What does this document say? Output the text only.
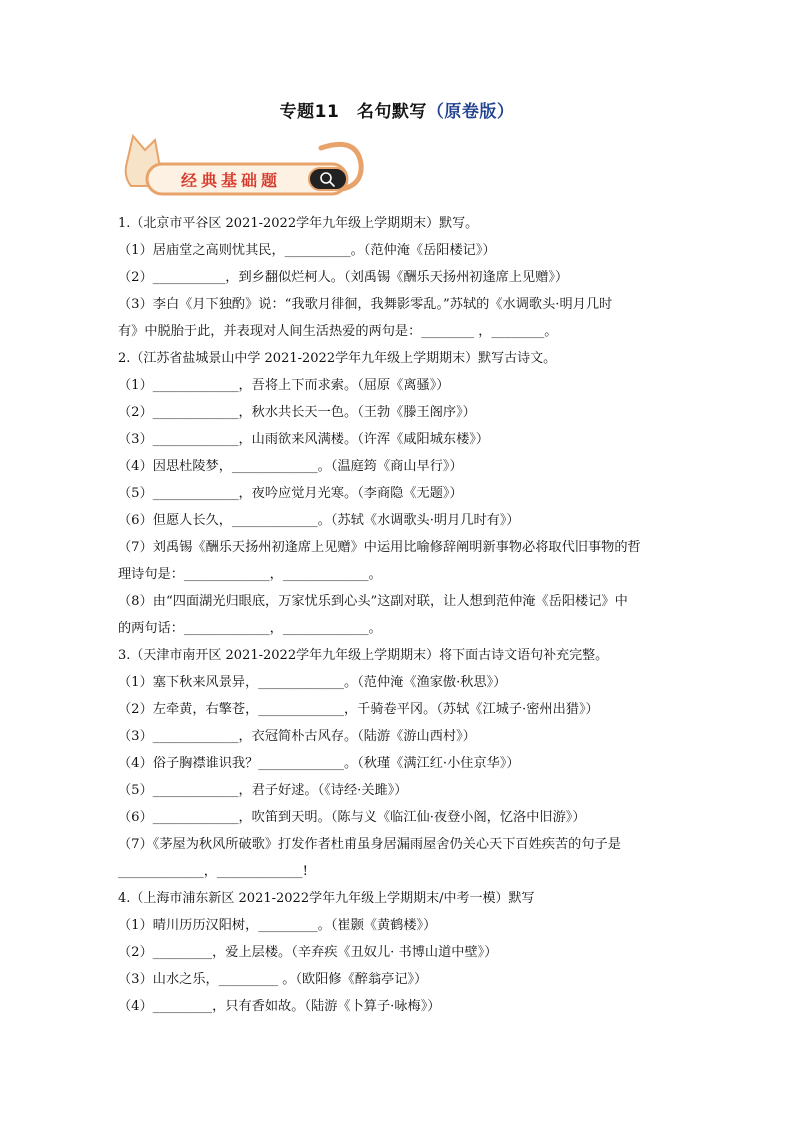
专题11　名句默写（原卷版）
经典基础题
1.（北京市平谷区 2021-2022学年九年级上学期期末）默写。
（1）居庙堂之高则忧其民，__________。（范仲淹《岳阳楼记》）
（2）___________，到乡翻似烂柯人。（刘禹锡《酬乐天扬州初逢席上见赠》）
（3）李白《月下独酌》说：“我歌月徘徊，我舞影零乱。”苏轼的《水调歌头·明月几时
有》中脱胎于此，并表现对人间生活热爱的两句是：________ ，________。
2.（江苏省盐城景山中学 2021-2022学年九年级上学期期末）默写古诗文。
（1）_____________，吾将上下而求索。（屈原《离骚》）
（2）_____________，秋水共长天一色。（王勃《滕王阁序》）
（3）_____________，山雨欲来风满楼。（许浑《咸阳城东楼》）
（4）因思杜陵梦，_____________。（温庭筠《商山早行》）
（5）_____________，夜吟应觉月光寒。（李商隐《无题》）
（6）但愿人长久，_____________。（苏轼《水调歌头·明月几时有》）
（7）刘禹锡《酬乐天扬州初逢席上见赠》中运用比喻修辞阐明新事物必将取代旧事物的哲
理诗句是：_____________，_____________。
（8）由“四面湖光归眼底，万家忧乐到心头”这副对联，让人想到范仲淹《岳阳楼记》中
的两句话：_____________，_____________。
3.（天津市南开区 2021-2022学年九年级上学期期末）将下面古诗文语句补充完整。
（1）塞下秋来风景异，_____________。（范仲淹《渔家傲·秋思》）
（2）左牵黄，右擎苍，_____________，千骑卷平冈。（苏轼《江城子·密州出猎》）
（3）_____________，衣冠简朴古风存。（陆游《游山西村》）
（4）俗子胸襟谁识我？_____________。（秋瑾《满江红·小住京华》）
（5）_____________，君子好逑。（《诗经·关雎》）
（6）_____________，吹笛到天明。（陈与义《临江仙·夜登小阁，忆洛中旧游》）
（7）《茅屋为秋风所破歌》打发作者杜甫虽身居漏雨屋舍仍关心天下百姓疾苦的句子是
_____________，_____________!
4.（上海市浦东新区 2021-2022学年九年级上学期期末/中考一模）默写
（1）晴川历历汉阳树，_________。（崔颢《黄鹤楼》）
（2）_________，爱上层楼。（辛弃疾《丑奴儿· 书博山道中壁》）
（3）山水之乐，_________ 。（欧阳修《醉翁亭记》）
（4）_________，只有香如故。（陆游《卜算子·咏梅》）
